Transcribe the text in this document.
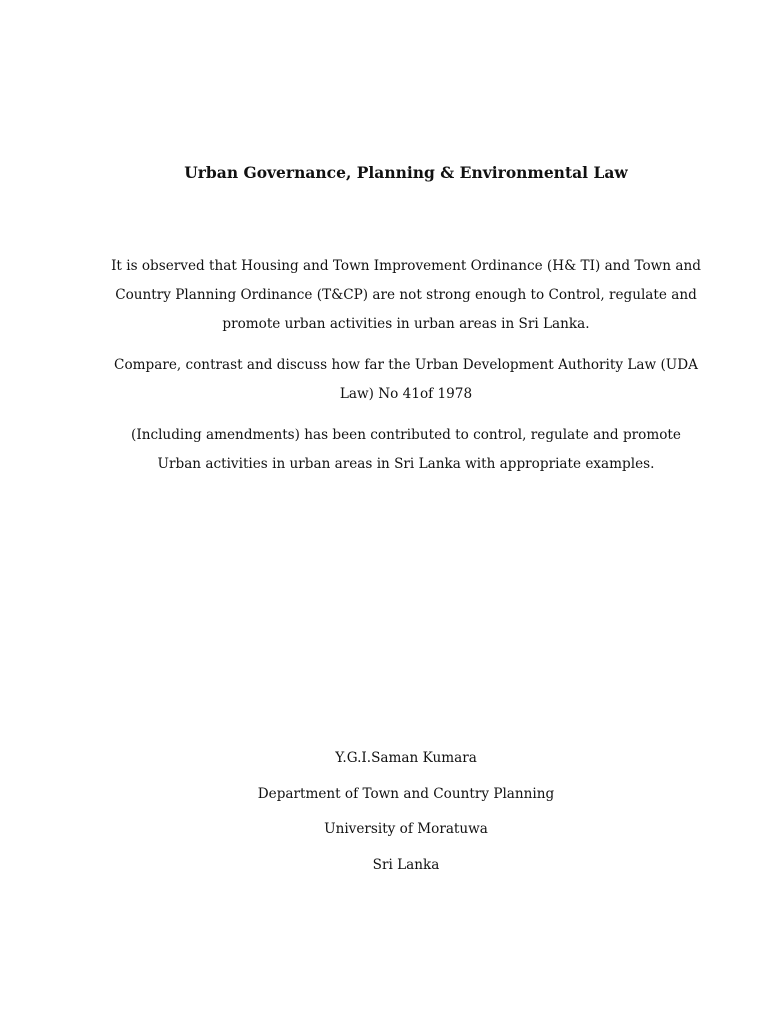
Urban Governance, Planning & Environmental Law

It is observed that Housing and Town Improvement Ordinance (H& TI) and Town and Country Planning Ordinance (T&CP) are not strong enough to Control, regulate and promote urban activities in urban areas in Sri Lanka.

Compare, contrast and discuss how far the Urban Development Authority Law (UDA Law) No 41of 1978

(Including amendments) has been contributed to control, regulate and promote Urban activities in urban areas in Sri Lanka with appropriate examples.

Y.G.I.Saman Kumara
Department of Town and Country Planning
University of Moratuwa
Sri Lanka
